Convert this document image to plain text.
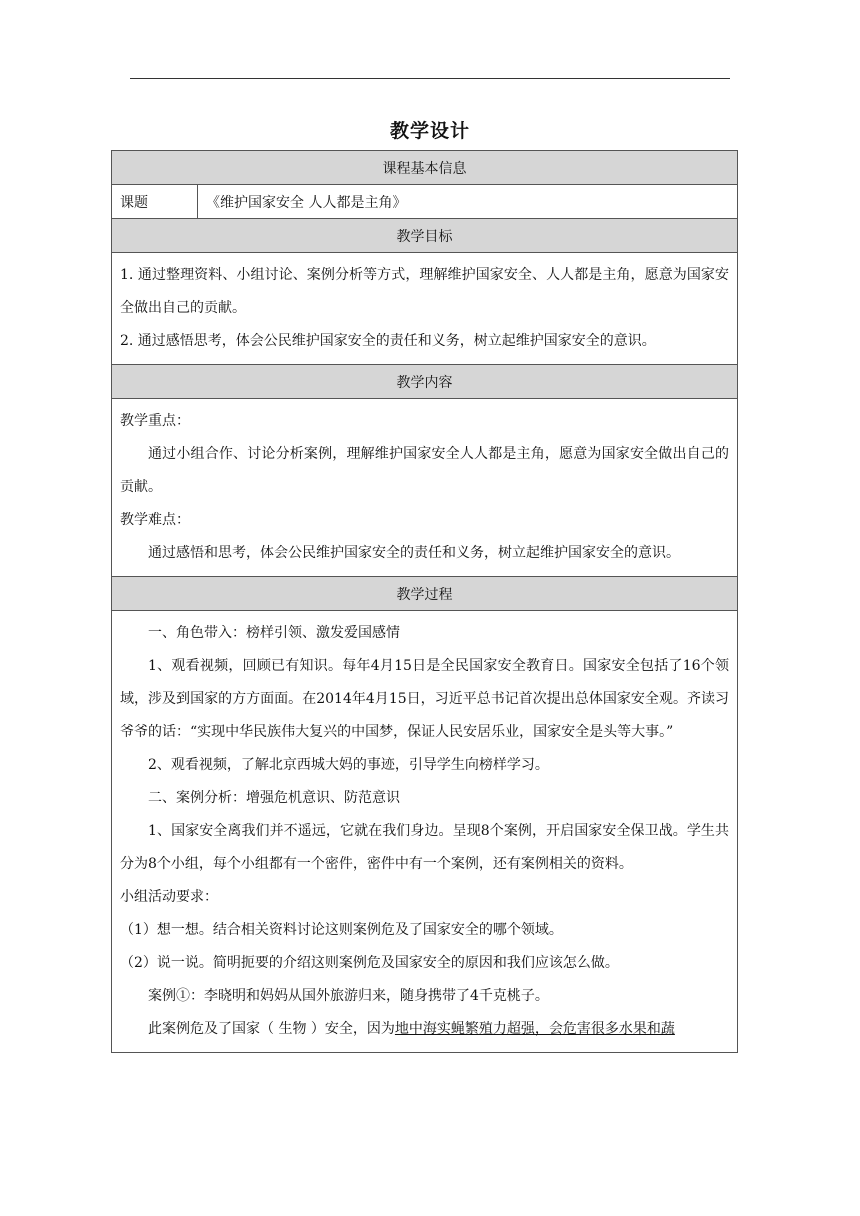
教学设计
课程基本信息
课题	《维护国家安全 人人都是主角》
教学目标

1. 通过整理资料、小组讨论、案例分析等方式，理解维护国家安全、人人都是主角，愿意为国家安全做出自己的贡献。

2. 通过感悟思考，体会公民维护国家安全的责任和义务，树立起维护国家安全的意识。

教学内容

教学重点：

通过小组合作、讨论分析案例，理解维护国家安全人人都是主角，愿意为国家安全做出自己的贡献。

教学难点：

通过感悟和思考，体会公民维护国家安全的责任和义务，树立起维护国家安全的意识。

教学过程

一、角色带入：榜样引领、激发爱国感情

1、观看视频，回顾已有知识。每年4月15日是全民国家安全教育日。国家安全包括了16个领域，涉及到国家的方方面面。在2014年4月15日，习近平总书记首次提出总体国家安全观。齐读习爷爷的话：“实现中华民族伟大复兴的中国梦，保证人民安居乐业，国家安全是头等大事。”

2、观看视频，了解北京西城大妈的事迹，引导学生向榜样学习。

二、案例分析：增强危机意识、防范意识

1、国家安全离我们并不遥远，它就在我们身边。呈现8个案例，开启国家安全保卫战。学生共分为8个小组，每个小组都有一个密件，密件中有一个案例，还有案例相关的资料。

小组活动要求：

（1）想一想。结合相关资料讨论这则案例危及了国家安全的哪个领域。

（2）说一说。简明扼要的介绍这则案例危及国家安全的原因和我们应该怎么做。

案例①：李晓明和妈妈从国外旅游归来，随身携带了4千克桃子。

此案例危及了国家（ 生物 ）安全，因为地中海实蝇繁殖力超强，会危害很多水果和蔬
